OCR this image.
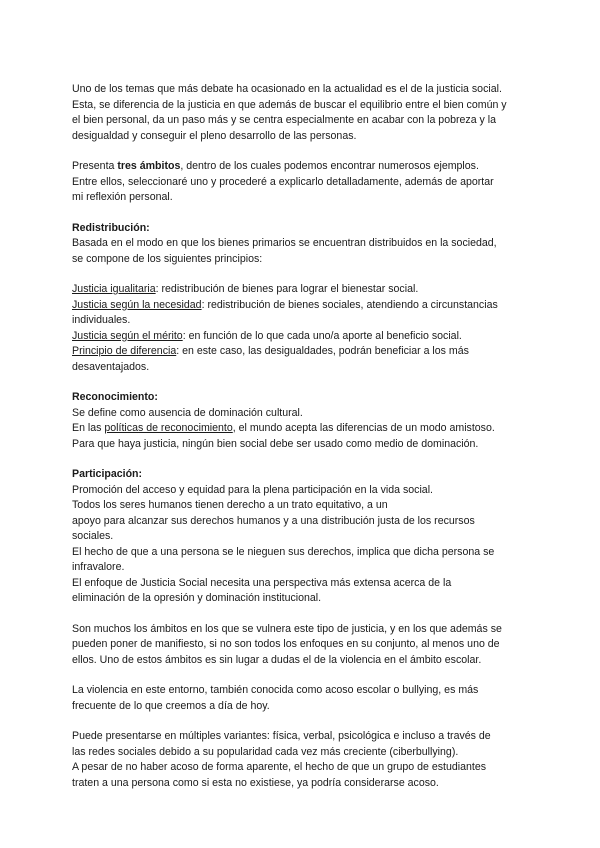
Uno de los temas que más debate ha ocasionado en la actualidad es el de la justicia social.
Esta, se diferencia de la justicia en que además de buscar el equilibrio entre el bien común y
el bien personal, da un paso más y se centra especialmente en acabar con la pobreza y la
desigualdad y conseguir el pleno desarrollo de las personas.

Presenta tres ámbitos, dentro de los cuales podemos encontrar numerosos ejemplos.
Entre ellos, seleccionaré uno y procederé a explicarlo detalladamente, además de aportar
mi reflexión personal.

Redistribución:
Basada en el modo en que los bienes primarios se encuentran distribuidos en la sociedad,
se compone de los siguientes principios:

Justicia igualitaria: redistribución de bienes para lograr el bienestar social.
Justicia según la necesidad: redistribución de bienes sociales, atendiendo a circunstancias
individuales.
Justicia según el mérito: en función de lo que cada uno/a aporte al beneficio social.
Principio de diferencia: en este caso, las desigualdades, podrán beneficiar a los más
desaventajados.

Reconocimiento:
Se define como ausencia de dominación cultural.
En las políticas de reconocimiento, el mundo acepta las diferencias de un modo amistoso.
Para que haya justicia, ningún bien social debe ser usado como medio de dominación.

Participación:
Promoción del acceso y equidad para la plena participación en la vida social.
Todos los seres humanos tienen derecho a un trato equitativo, a un
apoyo para alcanzar sus derechos humanos y a una distribución justa de los recursos
sociales.
El hecho de que a una persona se le nieguen sus derechos, implica que dicha persona se
infravalore.
El enfoque de Justicia Social necesita una perspectiva más extensa acerca de la
eliminación de la opresión y dominación institucional.

Son muchos los ámbitos en los que se vulnera este tipo de justicia, y en los que además se
pueden poner de manifiesto, si no son todos los enfoques en su conjunto, al menos uno de
ellos. Uno de estos ámbitos es sin lugar a dudas el de la violencia en el ámbito escolar.

La violencia en este entorno, también conocida como acoso escolar o bullying, es más
frecuente de lo que creemos a día de hoy.

Puede presentarse en múltiples variantes: física, verbal, psicológica e incluso a través de
las redes sociales debido a su popularidad cada vez más creciente (ciberbullying).
A pesar de no haber acoso de forma aparente, el hecho de que un grupo de estudiantes
traten a una persona como si esta no existiese, ya podría considerarse acoso.
